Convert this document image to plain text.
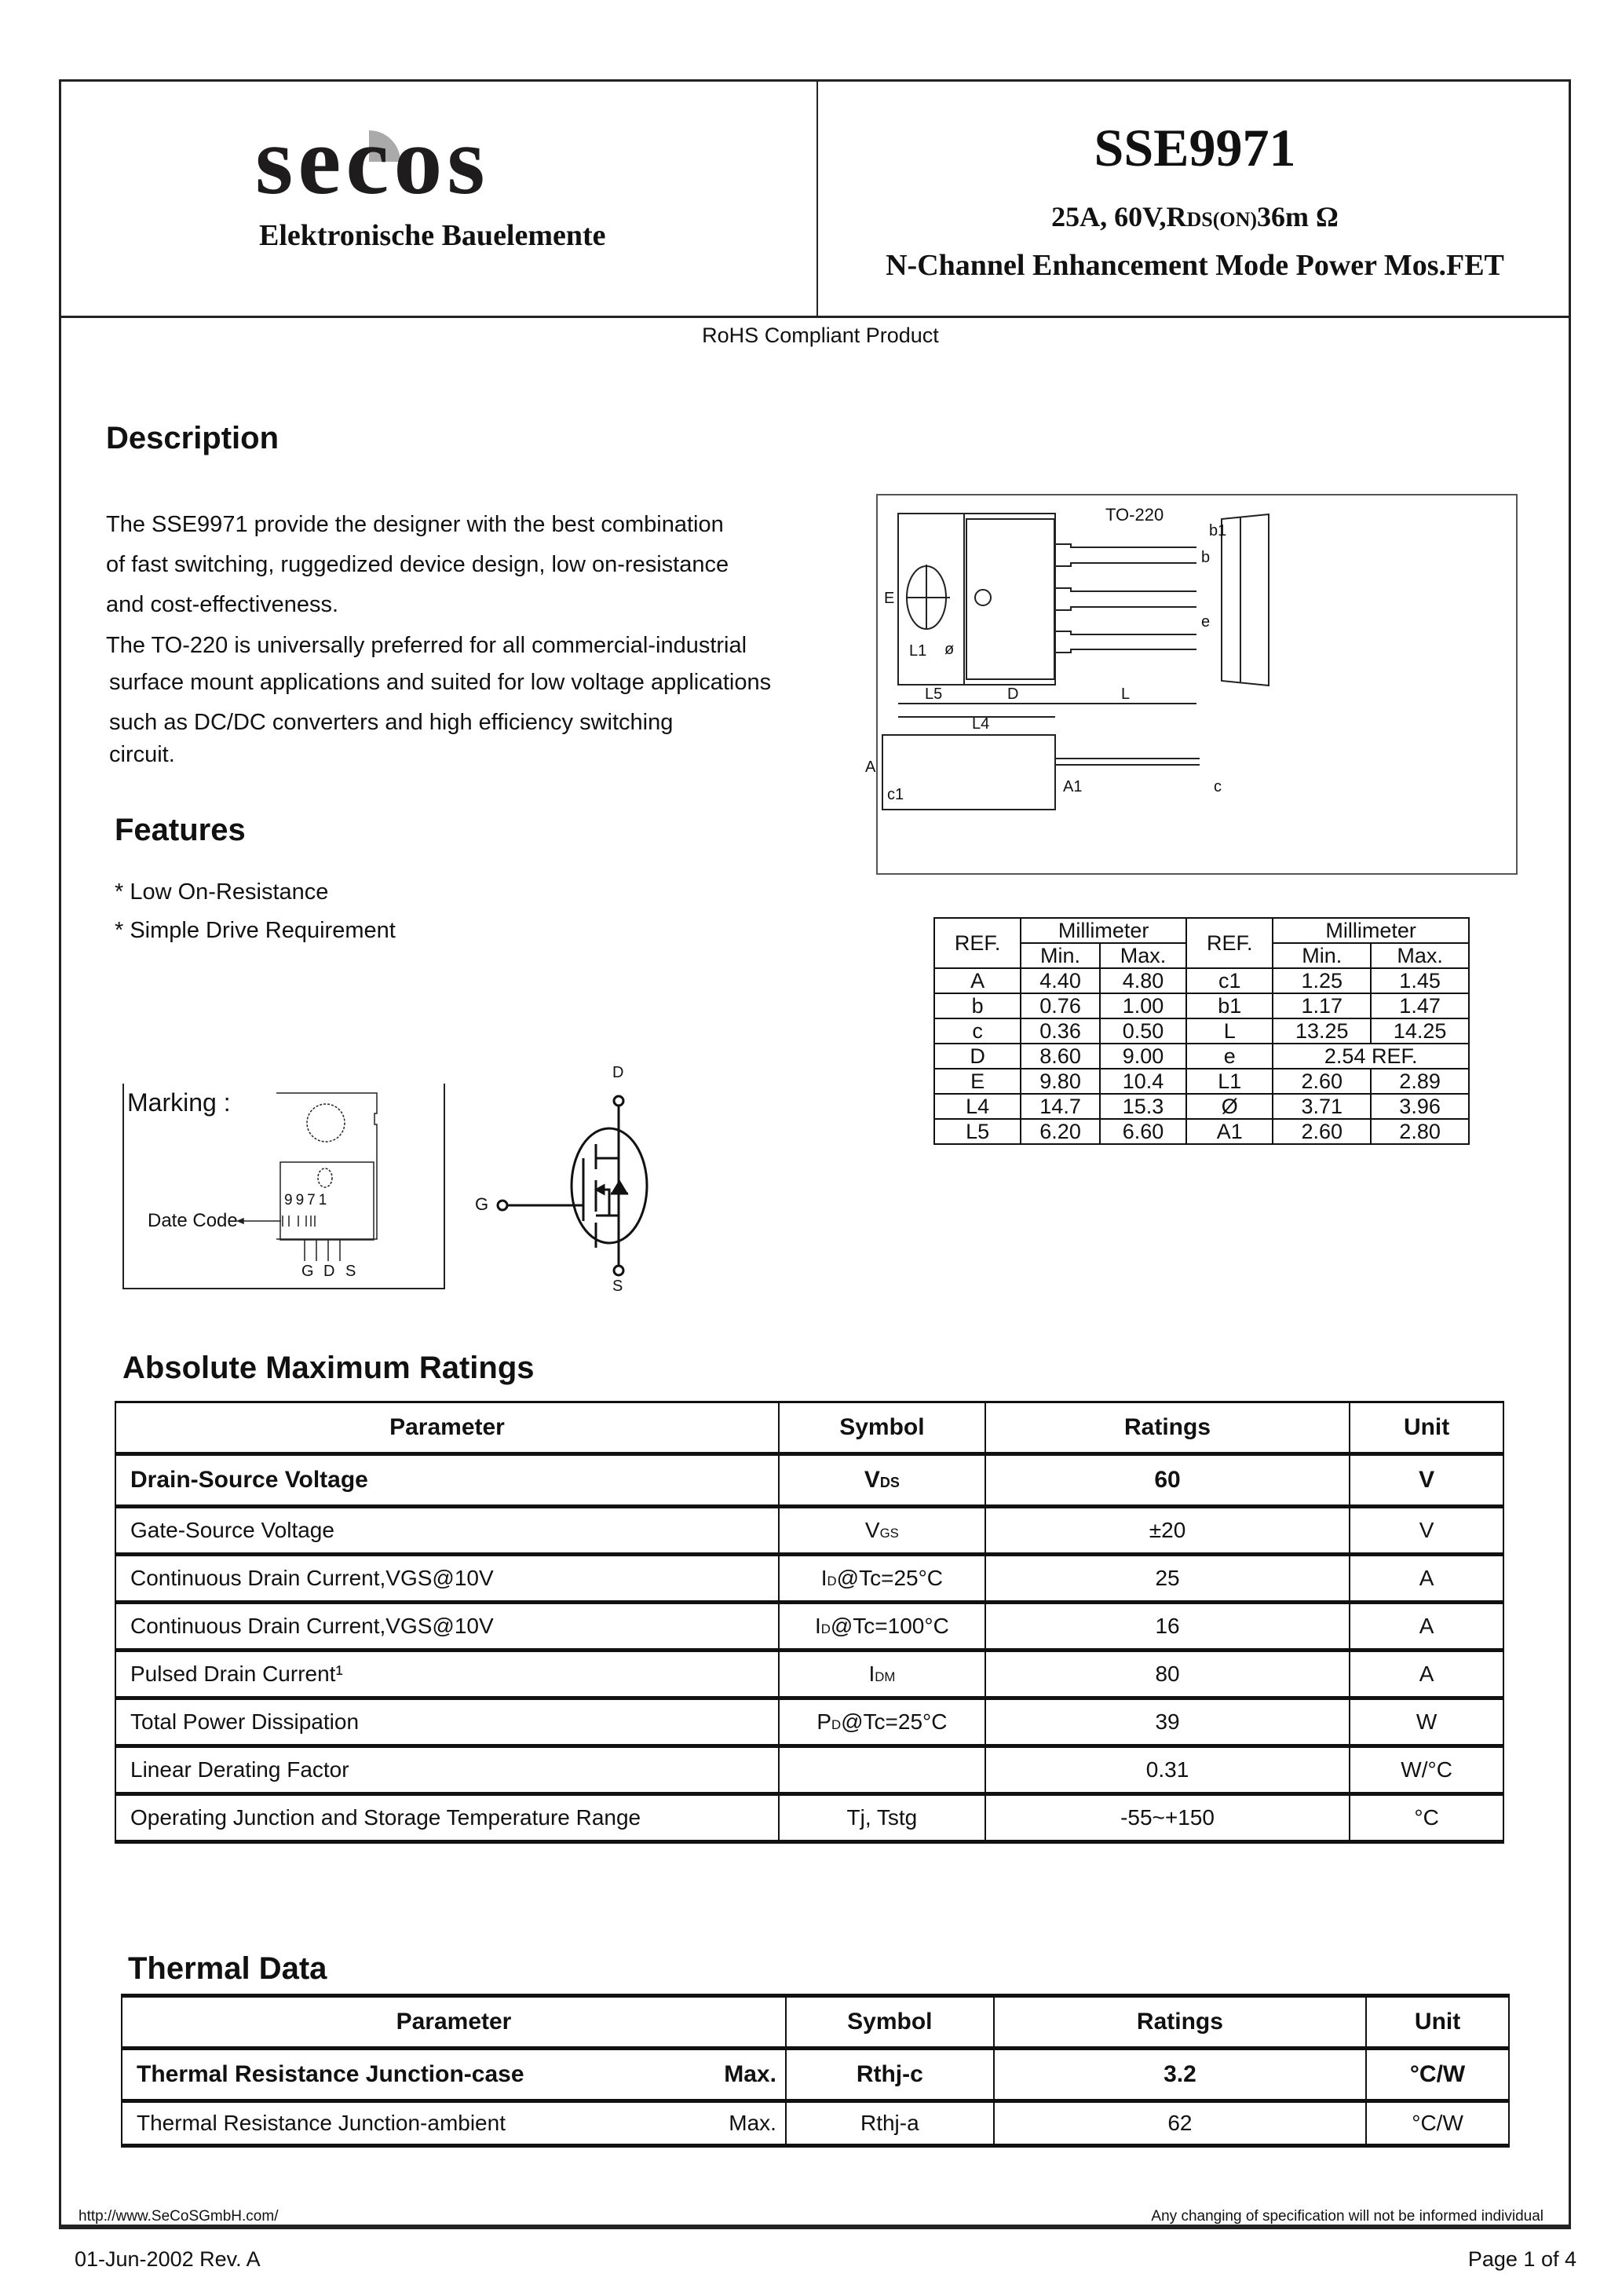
secos
Elektronische Bauelemente
SSE9971
25A, 60V,RDS(ON)36m Ω
N-Channel Enhancement Mode Power Mos.FET
RoHS Compliant Product
Description
The SSE9971 provide the designer with the best combination
of fast switching, ruggedized device design, low on-resistance
and cost-effectiveness.
The TO-220 is universally preferred for all commercial-industrial
surface mount applications and suited for low voltage applications
such as DC/DC converters and high efficiency switching
circuit.
Features
* Low On-Resistance
* Simple Drive Requirement
TO-220
E
L1 ø
L5	D	L
L4
b
b1
e
A
c1	A1	c
REF.	Millimeter		REF.	Millimeter	
	Min.	Max.		Min.	Max.
A	4.40	4.80	c1	1.25	1.45
b	0.76	1.00	b1	1.17	1.47
c	0.36	0.50	L	13.25	14.25
D	8.60	9.00	e	2.54 REF.	
E	9.80	10.4	L1	2.60	2.89
L4	14.7	15.3	Ø	3.71	3.96
L5	6.20	6.60	A1	2.60	2.80
Marking :
9971
Date Code
G D S
D
G
S
Absolute Maximum Ratings
Parameter	Symbol	Ratings	Unit
Drain-Source Voltage	VDS	60	V
Gate-Source Voltage	VGS	±20	V
Continuous Drain Current,VGS@10V	ID@Tc=25°C	25	A
Continuous Drain Current,VGS@10V	ID@Tc=100°C	16	A
Pulsed Drain Current¹	IDM	80	A
Total Power Dissipation	PD@Tc=25°C	39	W
Linear Derating Factor		0.31	W/°C
Operating Junction and Storage Temperature Range	Tj, Tstg	-55~+150	°C
Thermal Data
Parameter	Symbol	Ratings	Unit
Thermal Resistance Junction-case Max.	Rthj-c	3.2	°C/W
Thermal Resistance Junction-ambient Max.	Rthj-a	62	°C/W
http://www.SeCoSGmbH.com/	Any changing of specification will not be informed individual
01-Jun-2002 Rev. A	Page 1 of 4
